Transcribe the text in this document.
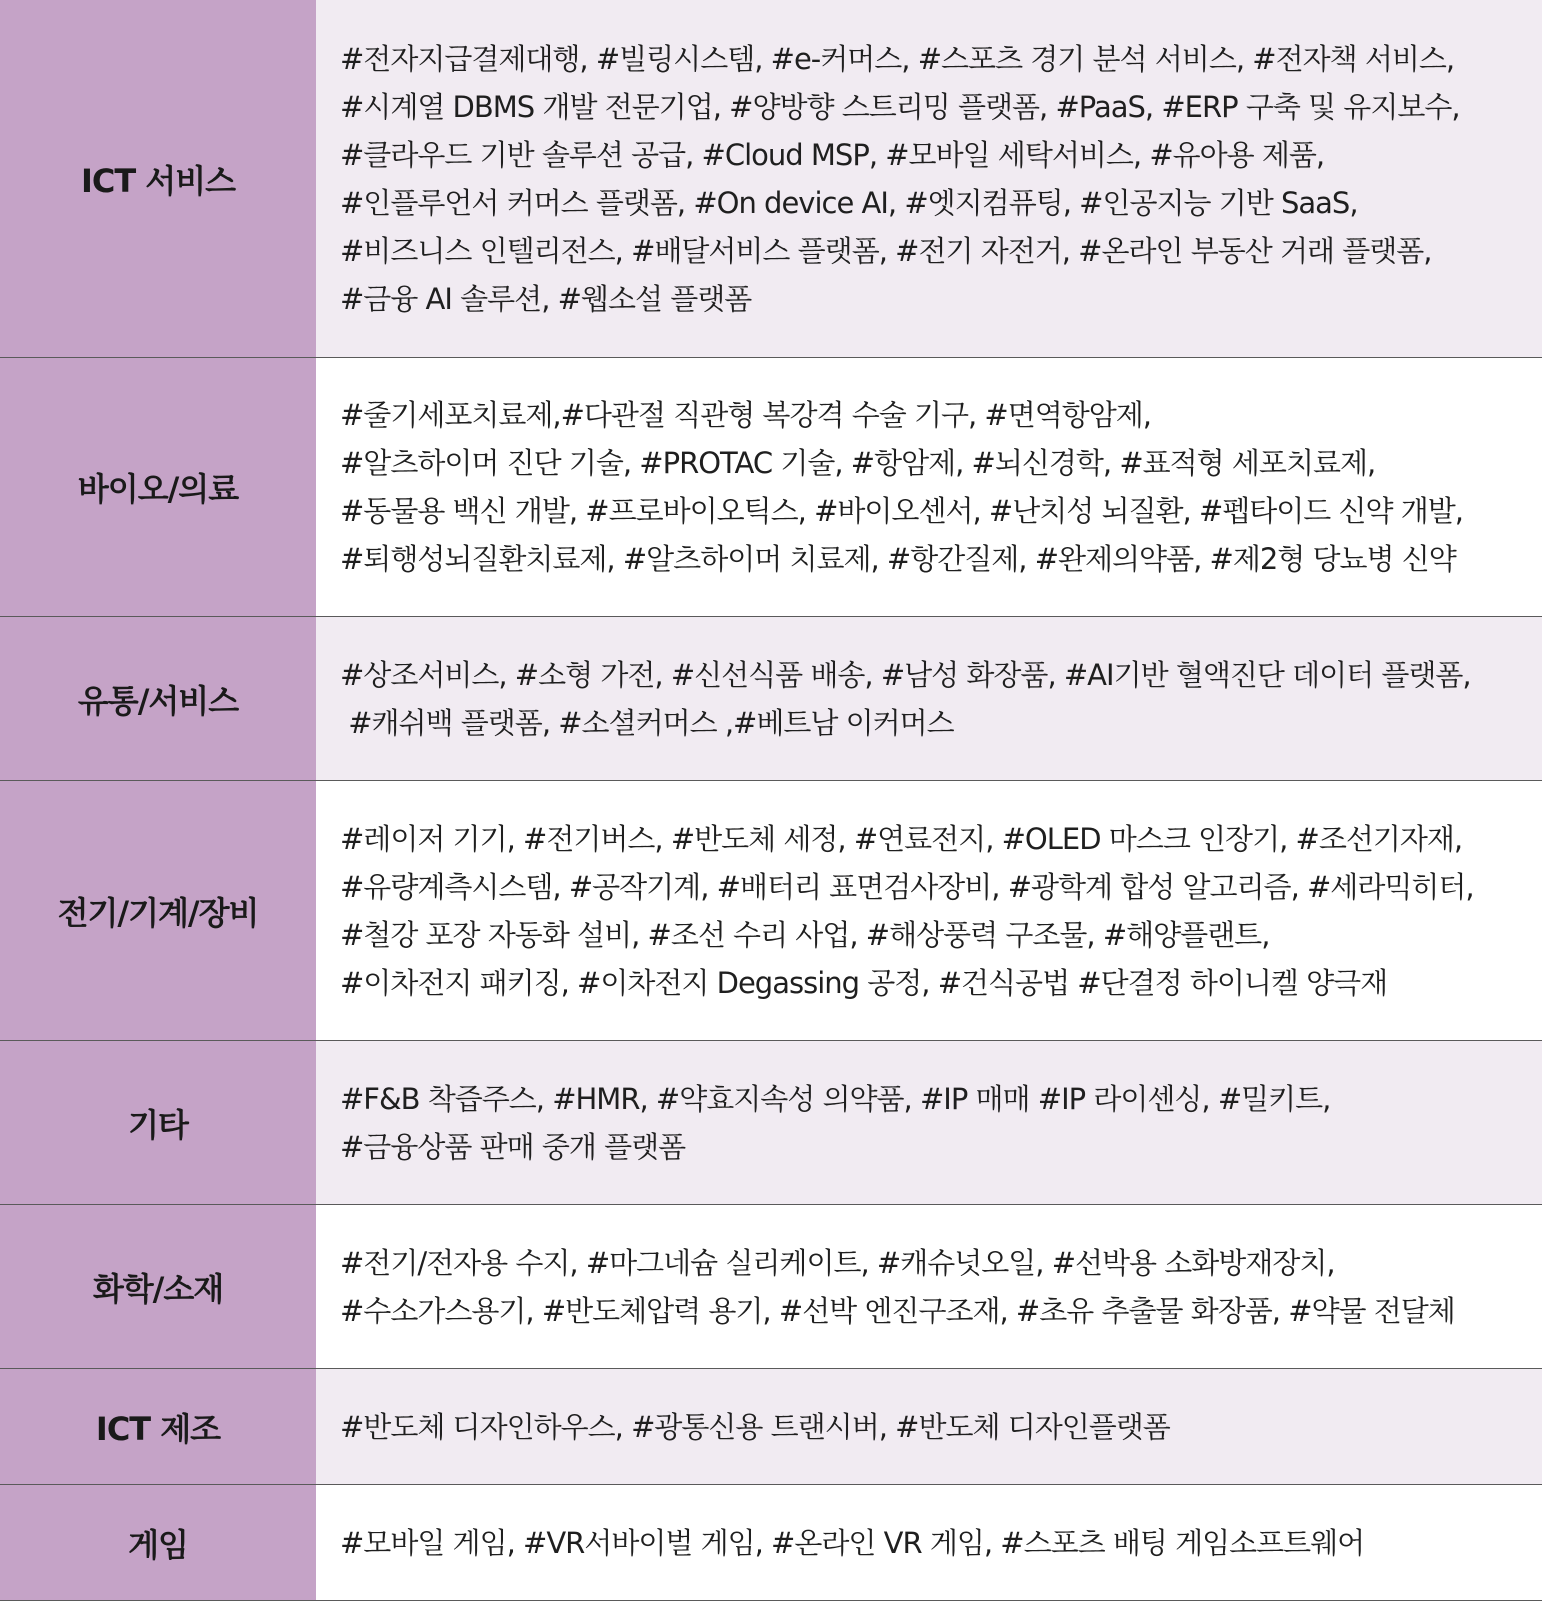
ICT 서비스
#전자지급결제대행, #빌링시스템, #e-커머스, #스포츠 경기 분석 서비스, #전자책 서비스,
#시계열 DBMS 개발 전문기업, #양방향 스트리밍 플랫폼, #PaaS, #ERP 구축 및 유지보수,
#클라우드 기반 솔루션 공급, #Cloud MSP, #모바일 세탁서비스, #유아용 제품,
#인플루언서 커머스 플랫폼, #On device AI, #엣지컴퓨팅, #인공지능 기반 SaaS,
#비즈니스 인텔리전스, #배달서비스 플랫폼, #전기 자전거, #온라인 부동산 거래 플랫폼,
#금융 AI 솔루션, #웹소설 플랫폼
바이오/의료
#줄기세포치료제,#다관절 직관형 복강격 수술 기구, #면역항암제,
#알츠하이머 진단 기술, #PROTAC 기술, #항암제, #뇌신경학, #표적형 세포치료제,
#동물용 백신 개발, #프로바이오틱스, #바이오센서, #난치성 뇌질환, #펩타이드 신약 개발,
#퇴행성뇌질환치료제, #알츠하이머 치료제, #항간질제, #완제의약품, #제2형 당뇨병 신약
유통/서비스
#상조서비스, #소형 가전, #신선식품 배송, #남성 화장품, #AI기반 혈액진단 데이터 플랫폼,
#캐쉬백 플랫폼, #소셜커머스 ,#베트남 이커머스
전기/기계/장비
#레이저 기기, #전기버스, #반도체 세정, #연료전지, #OLED 마스크 인장기, #조선기자재,
#유량계측시스템, #공작기계, #배터리 표면검사장비, #광학계 합성 알고리즘, #세라믹히터,
#철강 포장 자동화 설비, #조선 수리 사업, #해상풍력 구조물, #해양플랜트,
#이차전지 패키징, #이차전지 Degassing 공정, #건식공법 #단결정 하이니켈 양극재
기타
#F&B 착즙주스, #HMR, #약효지속성 의약품, #IP 매매 #IP 라이센싱, #밀키트,
#금융상품 판매 중개 플랫폼
화학/소재
#전기/전자용 수지, #마그네슘 실리케이트, #캐슈넛오일, #선박용 소화방재장치,
#수소가스용기, #반도체압력 용기, #선박 엔진구조재, #초유 추출물 화장품, #약물 전달체
ICT 제조	#반도체 디자인하우스, #광통신용 트랜시버, #반도체 디자인플랫폼
게임	#모바일 게임, #VR서바이벌 게임, #온라인 VR 게임, #스포츠 배팅 게임소프트웨어
